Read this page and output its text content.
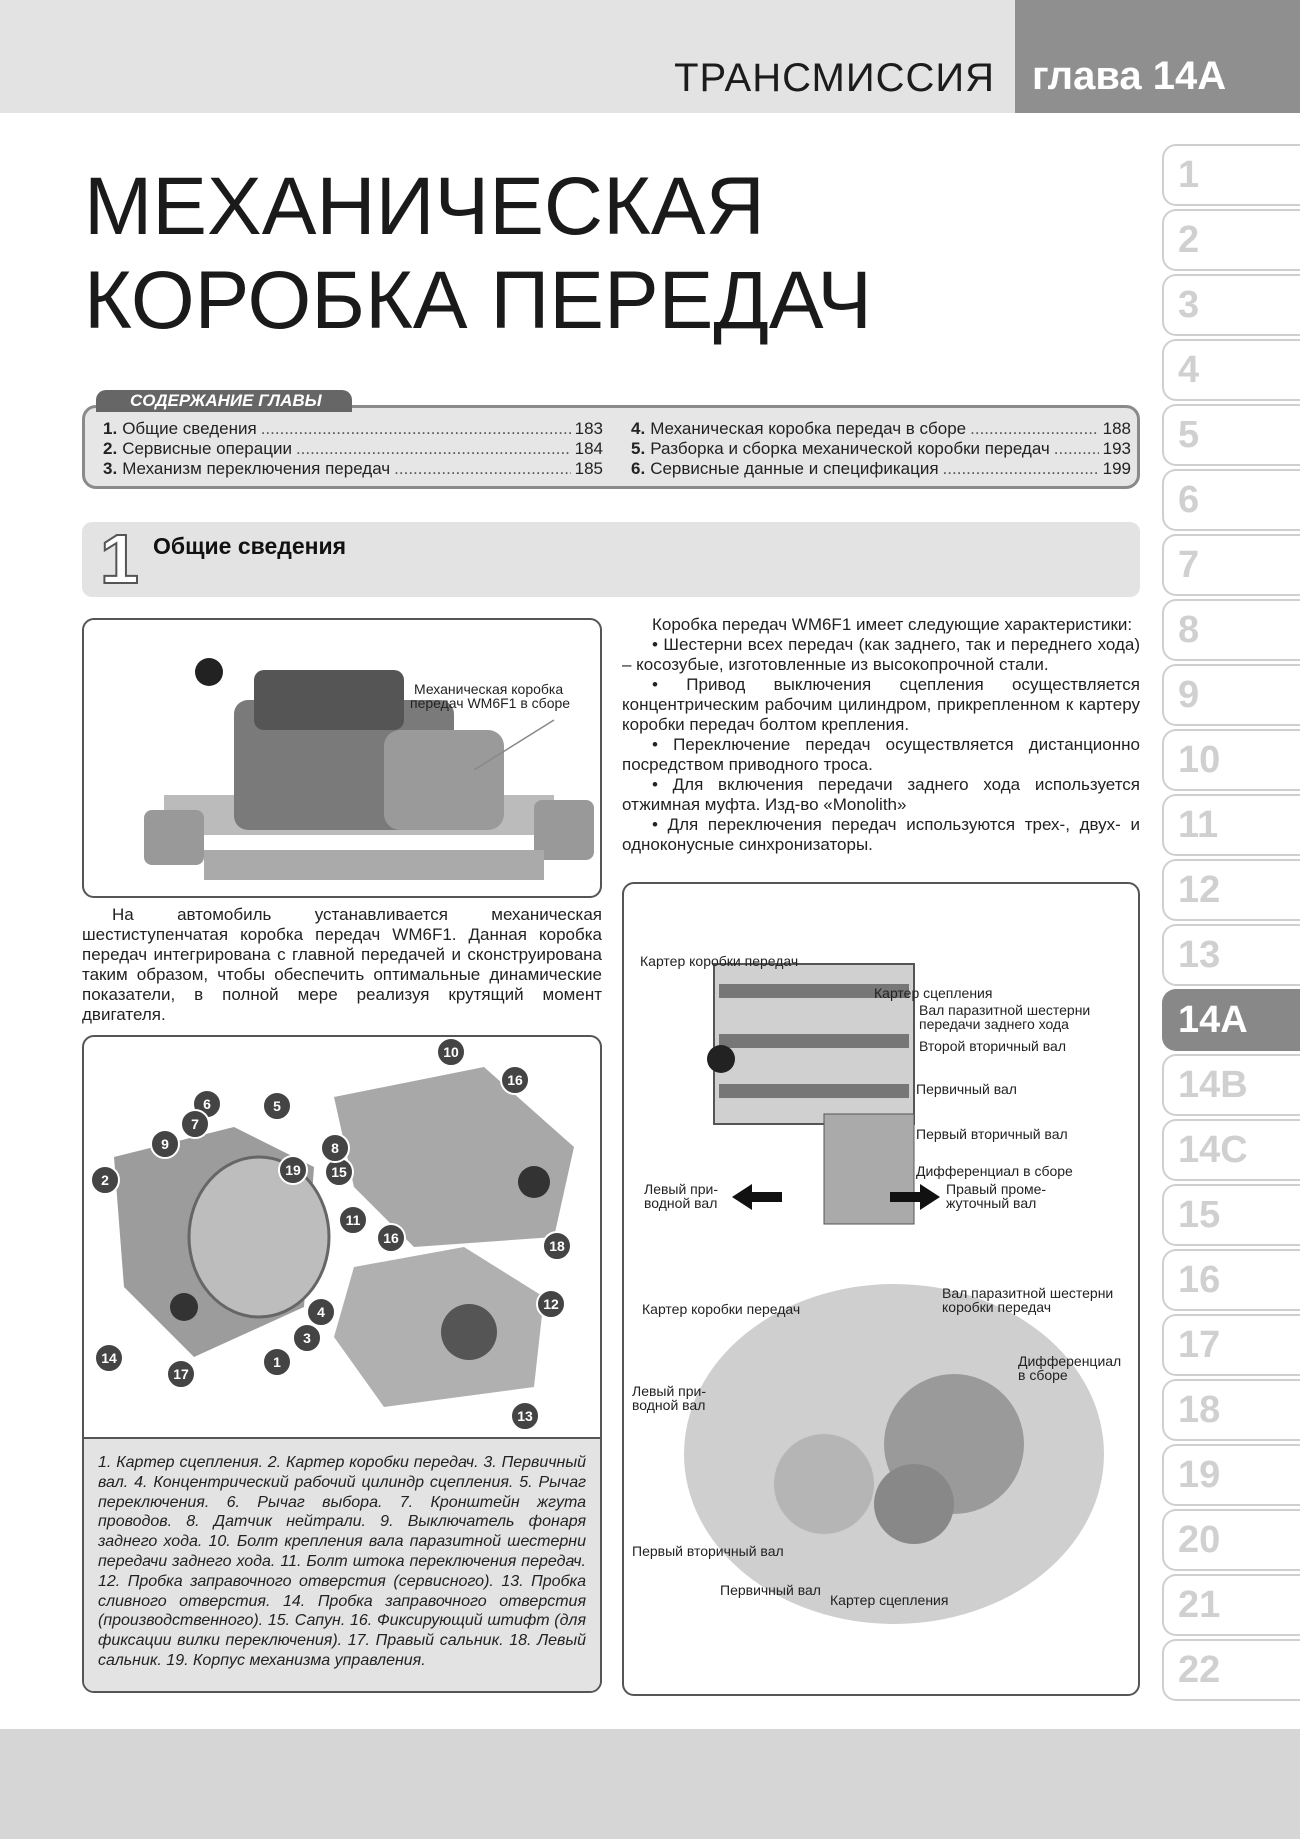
ТРАНСМИССИЯ глава 14А
МЕХАНИЧЕСКАЯ
КОРОБКА ПЕРЕДАЧ
1. Общие сведения .....	183
2. Сервисные операции .....	184
3. Механизм переключения передач .....	185
4. Механическая коробка передач в сборе .....	188
5. Разборка и сборка механической коробки передач .....	193
6. Сервисные данные и спецификация .....	199
СОДЕРЖАНИЕ ГЛАВЫ
1 Общие сведения
Механическая коробка
передач WM6F1 в сборе

На автомобиль устанавливается механическая шестиступенчатая коробка передач WM6F1. Данная коробка передач интегрирована с главной передачей и сконструирована таким образом, чтобы обеспечить оптимальные динамические показатели, в полной мере реализуя крутящий момент двигателя.

Коробка передач WM6F1 имеет следующие характеристики:

• Шестерни всех передач (как заднего, так и переднего хода) – косозубые, изготовленные из высокопрочной стали.

• Привод выключения сцепления осуществляется концентрическим рабочим цилиндром, прикрепленном к картеру коробки передач болтом крепления.

• Переключение передач осуществляется дистанционно посредством приводного троса.

• Для включения передачи заднего хода используется отжимная муфта. Изд-во «Monolith»

• Для переключения передач используются трех-, двух- и одноконусные синхронизаторы.

1
2
3
4
5
6
7
9
10
11
12
13
14
15
16
16
17
18
19
8
1. Картер сцепления. 2. Картер коробки передач. 3. Первичный вал. 4. Концентрический рабочий цилиндр сцепления. 5. Рычаг переключения. 6. Рычаг выбора. 7. Кронштейн жгута проводов. 8. Датчик нейтрали. 9. Выключатель фонаря заднего хода. 10. Болт крепления вала паразитной шестерни передачи заднего хода. 11. Болт штока переключения передач. 12. Пробка заправочного отверстия (сервисного). 13. Пробка сливного отверстия. 14. Пробка заправочного отверстия (производственного). 15. Сапун. 16. Фиксирующий штифт (для фиксации вилки переключения). 17. Правый сальник. 18. Левый сальник. 19. Корпус механизма управления.
Картер коробки передач
Картер сцепления
Вал паразитной шестерни
передачи заднего хода
Второй вторичный вал
Первичный вал
Первый вторичный вал
Дифференциал в сборе
Левый при-
водной вал
Правый проме-
жуточный вал
Картер коробки передач
Вал паразитной шестерни
коробки передач
Дифференциал
в сборе
Левый при-
водной вал
Первый вторичный вал
Первичный вал
Картер сцепления
1
2
3
4
5
6
7
8
9
10
11
12
13
14А
14В
14С
15
16
17
18
19
20
21
22
